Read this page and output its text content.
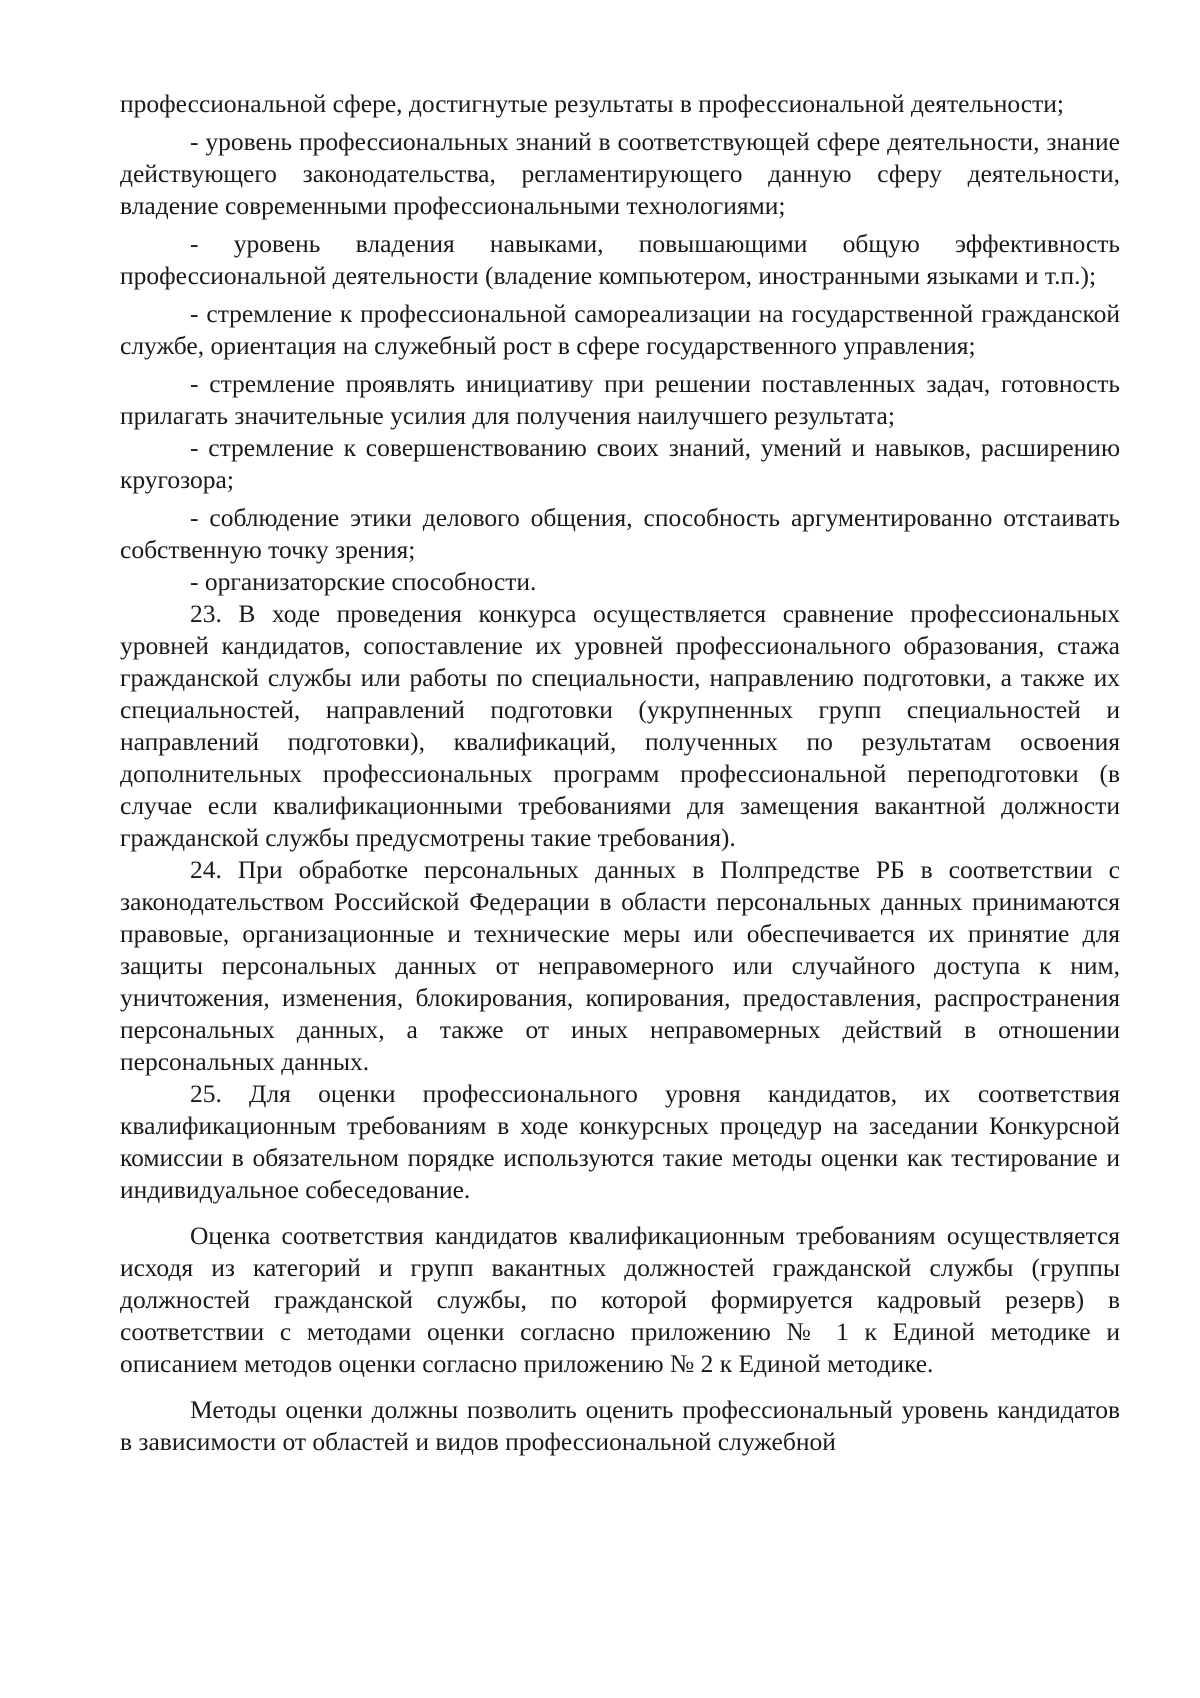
профессиональной сфере, достигнутые результаты в профессиональной деятельности;

- уровень профессиональных знаний в соответствующей сфере деятельности, знание действующего законодательства, регламентирующего данную сферу деятельности, владение современными профессиональными технологиями;

- уровень владения навыками, повышающими общую эффективность профессиональной деятельности (владение компьютером, иностранными языками и т.п.);

- стремление к профессиональной самореализации на государственной гражданской службе, ориентация на служебный рост в сфере государственного управления;

- стремление проявлять инициативу при решении поставленных задач, готовность прилагать значительные усилия для получения наилучшего результата;

- стремление к совершенствованию своих знаний, умений и навыков, расширению кругозора;

- соблюдение этики делового общения, способность аргументированно отстаивать собственную точку зрения;

- организаторские способности.

23. В ходе проведения конкурса осуществляется сравнение профессиональных уровней кандидатов, сопоставление их уровней профессионального образования, стажа гражданской службы или работы по специальности, направлению подготовки, а также их специальностей, направлений подготовки (укрупненных групп специальностей и направлений подготовки), квалификаций, полученных по результатам освоения дополнительных профессиональных программ профессиональной переподготовки (в случае если квалификационными требованиями для замещения вакантной должности гражданской службы предусмотрены такие требования).

24. При обработке персональных данных в Полпредстве РБ в соответствии с законодательством Российской Федерации в области персональных данных принимаются правовые, организационные и технические меры или обеспечивается их принятие для защиты персональных данных от неправомерного или случайного доступа к ним, уничтожения, изменения, блокирования, копирования, предоставления, распространения персональных данных, а также от иных неправомерных действий в отношении персональных данных.

25. Для оценки профессионального уровня кандидатов, их соответствия квалификационным требованиям в ходе конкурсных процедур на заседании Конкурсной комиссии в обязательном порядке используются такие методы оценки как тестирование и индивидуальное собеседование.

Оценка соответствия кандидатов квалификационным требованиям осуществляется исходя из категорий и групп вакантных должностей гражданской службы (группы должностей гражданской службы, по которой формируется кадровый резерв) в соответствии с методами оценки согласно приложению № 1 к Единой методике и описанием методов оценки согласно приложению № 2 к Единой методике.

Методы оценки должны позволить оценить профессиональный уровень кандидатов в зависимости от областей и видов профессиональной служебной
